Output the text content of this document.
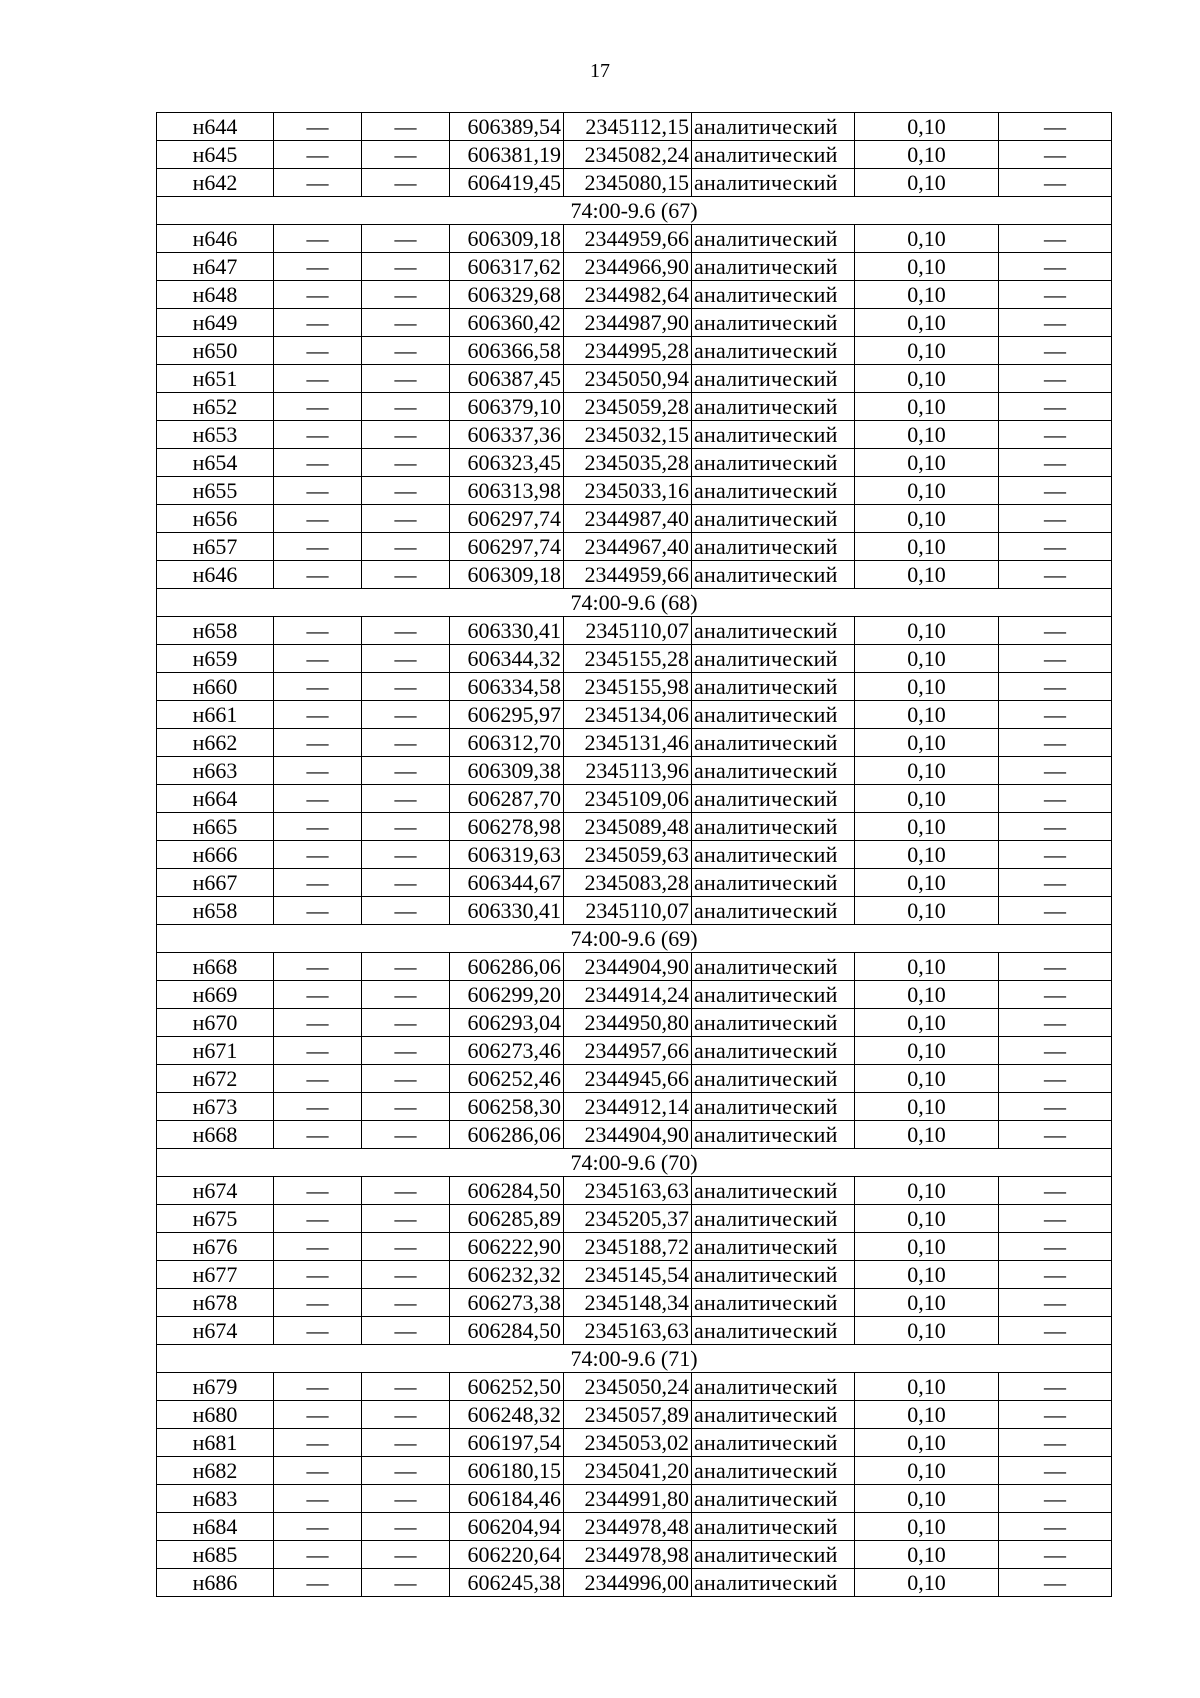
17
н644	—	—	606389,54	2345112,15	аналитический	0,10	—
н645	—	—	606381,19	2345082,24	аналитический	0,10	—
н642	—	—	606419,45	2345080,15	аналитический	0,10	—
74:00-9.6 (67)							
н646	—	—	606309,18	2344959,66	аналитический	0,10	—
н647	—	—	606317,62	2344966,90	аналитический	0,10	—
н648	—	—	606329,68	2344982,64	аналитический	0,10	—
н649	—	—	606360,42	2344987,90	аналитический	0,10	—
н650	—	—	606366,58	2344995,28	аналитический	0,10	—
н651	—	—	606387,45	2345050,94	аналитический	0,10	—
н652	—	—	606379,10	2345059,28	аналитический	0,10	—
н653	—	—	606337,36	2345032,15	аналитический	0,10	—
н654	—	—	606323,45	2345035,28	аналитический	0,10	—
н655	—	—	606313,98	2345033,16	аналитический	0,10	—
н656	—	—	606297,74	2344987,40	аналитический	0,10	—
н657	—	—	606297,74	2344967,40	аналитический	0,10	—
н646	—	—	606309,18	2344959,66	аналитический	0,10	—
74:00-9.6 (68)							
н658	—	—	606330,41	2345110,07	аналитический	0,10	—
н659	—	—	606344,32	2345155,28	аналитический	0,10	—
н660	—	—	606334,58	2345155,98	аналитический	0,10	—
н661	—	—	606295,97	2345134,06	аналитический	0,10	—
н662	—	—	606312,70	2345131,46	аналитический	0,10	—
н663	—	—	606309,38	2345113,96	аналитический	0,10	—
н664	—	—	606287,70	2345109,06	аналитический	0,10	—
н665	—	—	606278,98	2345089,48	аналитический	0,10	—
н666	—	—	606319,63	2345059,63	аналитический	0,10	—
н667	—	—	606344,67	2345083,28	аналитический	0,10	—
н658	—	—	606330,41	2345110,07	аналитический	0,10	—
74:00-9.6 (69)							
н668	—	—	606286,06	2344904,90	аналитический	0,10	—
н669	—	—	606299,20	2344914,24	аналитический	0,10	—
н670	—	—	606293,04	2344950,80	аналитический	0,10	—
н671	—	—	606273,46	2344957,66	аналитический	0,10	—
н672	—	—	606252,46	2344945,66	аналитический	0,10	—
н673	—	—	606258,30	2344912,14	аналитический	0,10	—
н668	—	—	606286,06	2344904,90	аналитический	0,10	—
74:00-9.6 (70)							
н674	—	—	606284,50	2345163,63	аналитический	0,10	—
н675	—	—	606285,89	2345205,37	аналитический	0,10	—
н676	—	—	606222,90	2345188,72	аналитический	0,10	—
н677	—	—	606232,32	2345145,54	аналитический	0,10	—
н678	—	—	606273,38	2345148,34	аналитический	0,10	—
н674	—	—	606284,50	2345163,63	аналитический	0,10	—
74:00-9.6 (71)							
н679	—	—	606252,50	2345050,24	аналитический	0,10	—
н680	—	—	606248,32	2345057,89	аналитический	0,10	—
н681	—	—	606197,54	2345053,02	аналитический	0,10	—
н682	—	—	606180,15	2345041,20	аналитический	0,10	—
н683	—	—	606184,46	2344991,80	аналитический	0,10	—
н684	—	—	606204,94	2344978,48	аналитический	0,10	—
н685	—	—	606220,64	2344978,98	аналитический	0,10	—
н686	—	—	606245,38	2344996,00	аналитический	0,10	—
